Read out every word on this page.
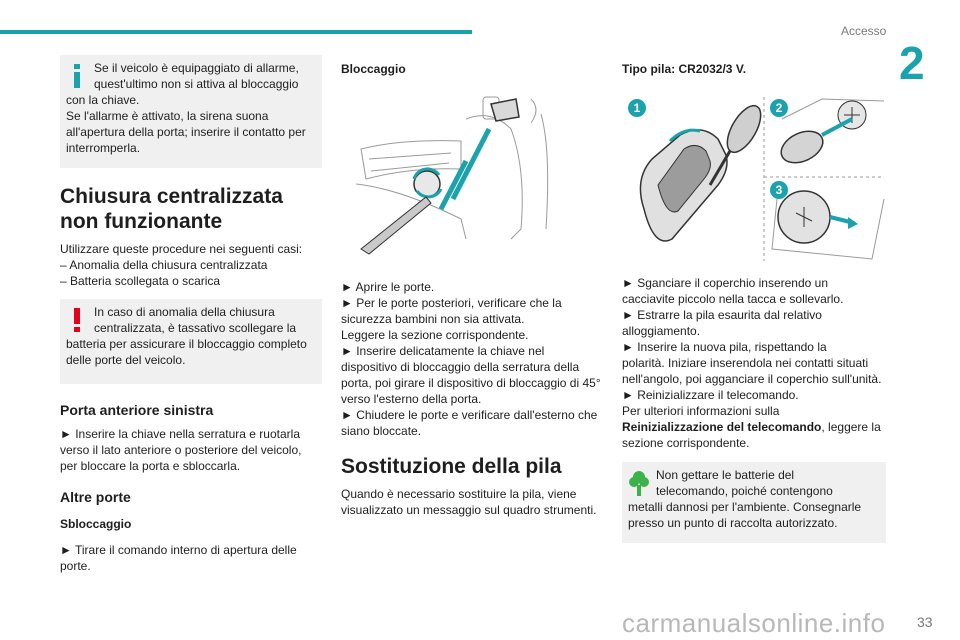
Accesso
2

Se il veicolo è equipaggiato di allarme,

quest'ultimo non si attiva al bloccaggio

con la chiave.

Se l'allarme è attivato, la sirena suona

all'apertura della porta; inserire il contatto per

interromperla.

Chiusura centralizzata non funzionante

Utilizzare queste procedure nei seguenti casi:

– Anomalia della chiusura centralizzata

– Batteria scollegata o scarica

In caso di anomalia della chiusura

centralizzata, è tassativo scollegare la

batteria per assicurare il bloccaggio completo

delle porte del veicolo.

Porta anteriore sinistra

► Inserire la chiave nella serratura e ruotarla

verso il lato anteriore o posteriore del veicolo,

per bloccare la porta e sbloccarla.

Altre porte
Sbloccaggio

► Tirare il comando interno di apertura delle

porte.

Bloccaggio

► Aprire le porte.

► Per le porte posteriori, verificare che la

sicurezza bambini non sia attivata.

Leggere la sezione corrispondente.

► Inserire delicatamente la chiave nel

dispositivo di bloccaggio della serratura della

porta, poi girare il dispositivo di bloccaggio di 45°

verso l'esterno della porta.

► Chiudere le porte e verificare dall'esterno che

siano bloccate.

Sostituzione della pila

Quando è necessario sostituire la pila, viene

visualizzato un messaggio sul quadro strumenti.

Tipo pila: CR2032/3 V.
1	2
3

► Sganciare il coperchio inserendo un

cacciavite piccolo nella tacca e sollevarlo.

► Estrarre la pila esaurita dal relativo

alloggiamento.

► Inserire la nuova pila, rispettando la

polarità. Iniziare inserendola nei contatti situati

nell'angolo, poi agganciare il coperchio sull'unità.

► Reinizializzare il telecomando.

Per ulteriori informazioni sulla

Reinizializzazione del telecomando, leggere la

sezione corrispondente.

Non gettare le batterie del

telecomando, poiché contengono

metalli dannosi per l'ambiente. Consegnarle

presso un punto di raccolta autorizzato.

carmanualsonline.info 33
